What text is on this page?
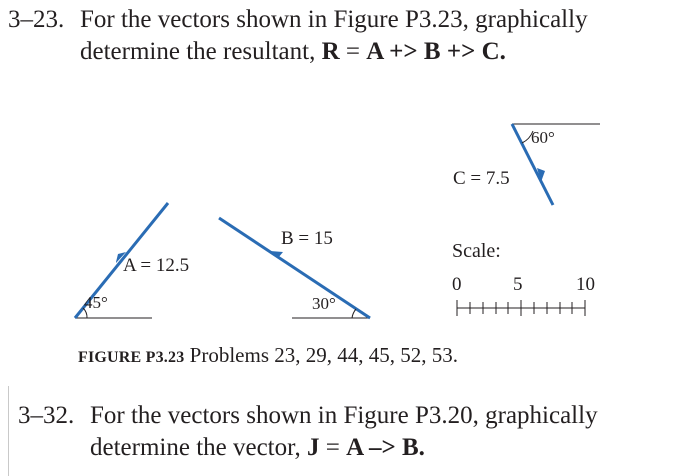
3–23. For the vectors shown in Figure P3.23, graphically
determine the resultant, R = A +> B +> C.
A = 12.5
45°
B = 15
30°
C = 7.5
60°
Scale:
0	5	10
FIGURE P3.23 Problems 23, 29, 44, 45, 52, 53.
3–32. For the vectors shown in Figure P3.20, graphically
determine the vector, J = A –> B.
